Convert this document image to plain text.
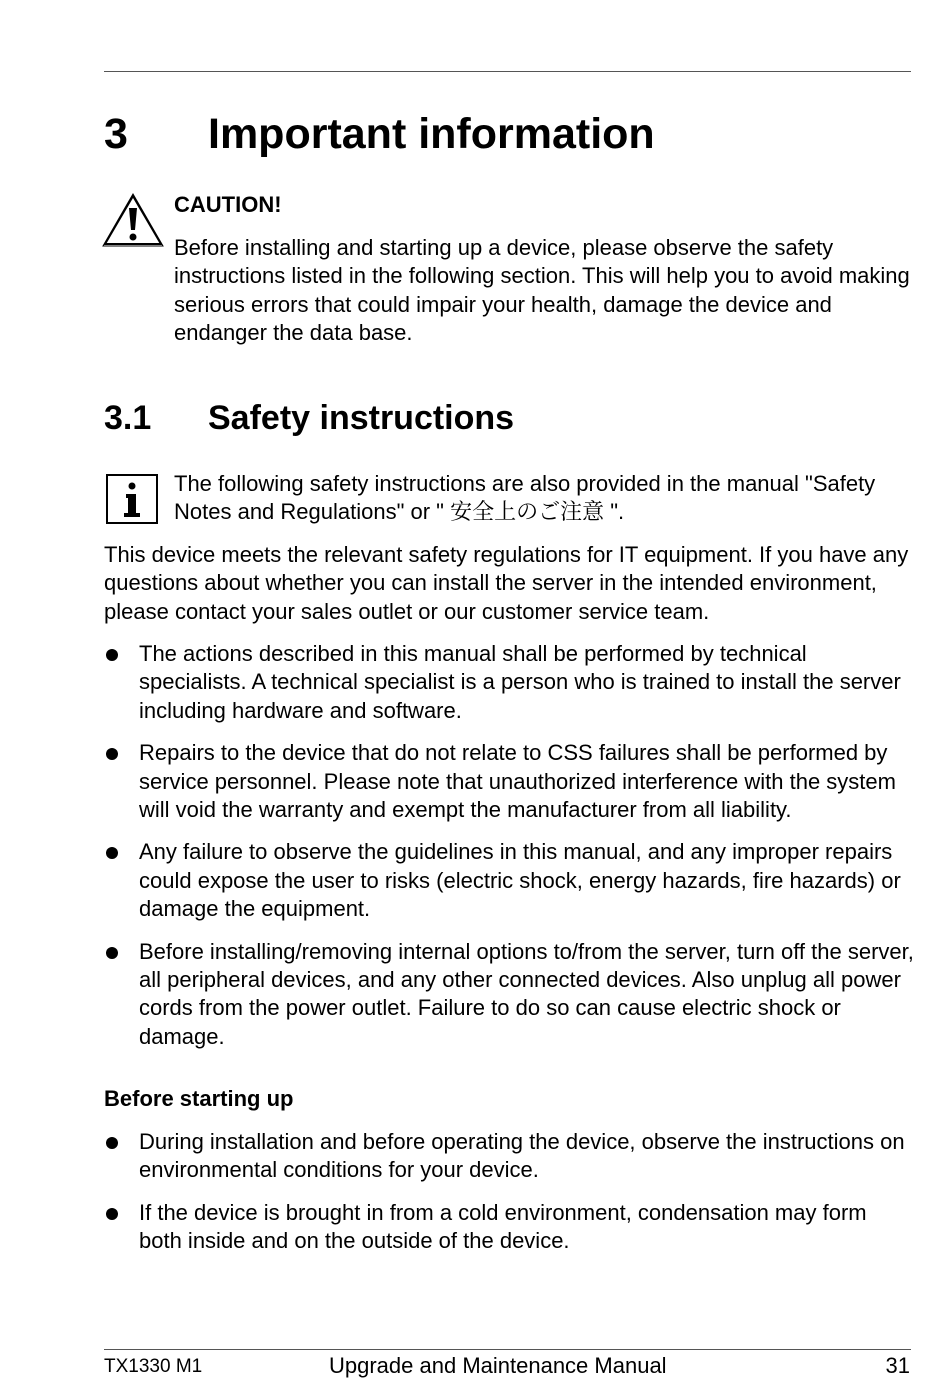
3 Important information
CAUTION!
Before installing and starting up a device, please observe the safety instructions listed in the following section. This will help you to avoid making serious errors that could impair your health, damage the device and endanger the data base.
3.1 Safety instructions
The following safety instructions are also provided in the manual "Safety Notes and Regulations" or " 安全上のご注意 ".
This device meets the relevant safety regulations for IT equipment. If you have any questions about whether you can install the server in the intended environment, please contact your sales outlet or our customer service team.
The actions described in this manual shall be performed by technical specialists. A technical specialist is a person who is trained to install the server including hardware and software.
Repairs to the device that do not relate to CSS failures shall be performed by service personnel. Please note that unauthorized interference with the system will void the warranty and exempt the manufacturer from all liability.
Any failure to observe the guidelines in this manual, and any improper repairs could expose the user to risks (electric shock, energy hazards, fire hazards) or damage the equipment.
Before installing/removing internal options to/from the server, turn off the server, all peripheral devices, and any other connected devices. Also unplug all power cords from the power outlet. Failure to do so can cause electric shock or damage.
Before starting up
During installation and before operating the device, observe the instructions on environmental conditions for your device.
If the device is brought in from a cold environment, condensation may form both inside and on the outside of the device.
TX1330 M1	Upgrade and Maintenance Manual	31
